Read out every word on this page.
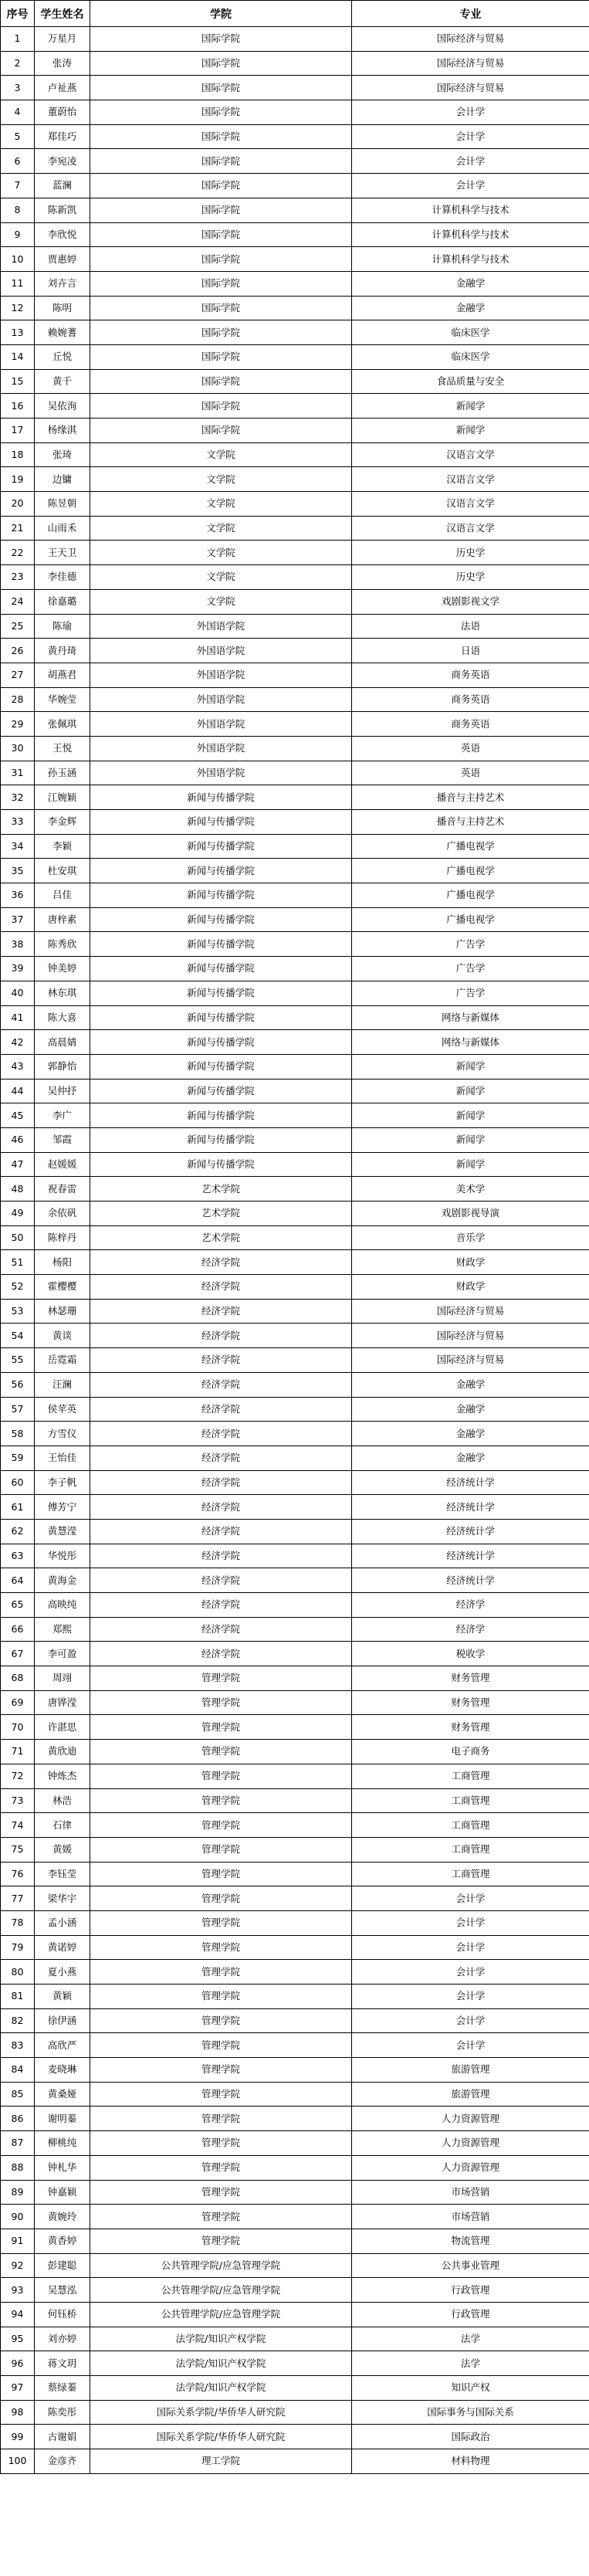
序号	学生姓名	学院	专业
1	万星月	国际学院	国际经济与贸易
2	张涛	国际学院	国际经济与贸易
3	卢祉燕	国际学院	国际经济与贸易
4	董蔚怡	国际学院	会计学
5	郑佳巧	国际学院	会计学
6	李宛凌	国际学院	会计学
7	蓝澜	国际学院	会计学
8	陈新凯	国际学院	计算机科学与技术
9	李欣悦	国际学院	计算机科学与技术
10	贾惠婷	国际学院	计算机科学与技术
11	刘卉言	国际学院	金融学
12	陈明	国际学院	金融学
13	赖婉蓍	国际学院	临床医学
14	丘悦	国际学院	临床医学
15	黄千	国际学院	食品质量与安全
16	吴依洵	国际学院	新闻学
17	杨缘淇	国际学院	新闻学
18	张琦	文学院	汉语言文学
19	边镛	文学院	汉语言文学
20	陈昱朝	文学院	汉语言文学
21	山雨禾	文学院	汉语言文学
22	王天卫	文学院	历史学
23	李佳德	文学院	历史学
24	徐嘉璐	文学院	戏剧影视文学
25	陈瑜	外国语学院	法语
26	黄丹琦	外国语学院	日语
27	胡燕君	外国语学院	商务英语
28	华婉莹	外国语学院	商务英语
29	张佩琪	外国语学院	商务英语
30	王悦	外国语学院	英语
31	孙玉涵	外国语学院	英语
32	江婉颖	新闻与传播学院	播音与主持艺术
33	李金辉	新闻与传播学院	播音与主持艺术
34	李颖	新闻与传播学院	广播电视学
35	杜安琪	新闻与传播学院	广播电视学
36	吕佳	新闻与传播学院	广播电视学
37	唐梓素	新闻与传播学院	广播电视学
38	陈秀欣	新闻与传播学院	广告学
39	钟美婷	新闻与传播学院	广告学
40	林东琪	新闻与传播学院	广告学
41	陈大喜	新闻与传播学院	网络与新媒体
42	高晨婧	新闻与传播学院	网络与新媒体
43	郭静怡	新闻与传播学院	新闻学
44	吴仲抒	新闻与传播学院	新闻学
45	李广	新闻与传播学院	新闻学
46	邹霞	新闻与传播学院	新闻学
47	赵媛媛	新闻与传播学院	新闻学
48	祝春雷	艺术学院	美术学
49	余依矾	艺术学院	戏剧影视导演
50	陈梓丹	艺术学院	音乐学
51	杨阳	经济学院	财政学
52	霍樱樱	经济学院	财政学
53	林瑟珊	经济学院	国际经济与贸易
54	黄谈	经济学院	国际经济与贸易
55	岳霓霜	经济学院	国际经济与贸易
56	汪澜	经济学院	金融学
57	侯苹英	经济学院	金融学
58	方雪仪	经济学院	金融学
59	王怡佳	经济学院	金融学
60	李子帆	经济学院	经济统计学
61	傅芳宁	经济学院	经济统计学
62	黄慧滢	经济学院	经济统计学
63	华悦彤	经济学院	经济统计学
64	黄海金	经济学院	经济统计学
65	高映纯	经济学院	经济学
66	郑熙	经济学院	经济学
67	李可盈	经济学院	税收学
68	周翊	管理学院	财务管理
69	唐铧滢	管理学院	财务管理
70	许湛思	管理学院	财务管理
71	黄欣迪	管理学院	电子商务
72	钟炼杰	管理学院	工商管理
73	林浩	管理学院	工商管理
74	石律	管理学院	工商管理
75	黄媛	管理学院	工商管理
76	李钰莹	管理学院	工商管理
77	梁华宇	管理学院	会计学
78	孟小涵	管理学院	会计学
79	黄诺婷	管理学院	会计学
80	夏小燕	管理学院	会计学
81	黄颖	管理学院	会计学
82	徐伊涵	管理学院	会计学
83	高欣严	管理学院	会计学
84	麦晓琳	管理学院	旅游管理
85	黄桑娅	管理学院	旅游管理
86	谢明蓁	管理学院	人力资源管理
87	柳桃纯	管理学院	人力资源管理
88	钟札华	管理学院	人力资源管理
89	钟嘉颖	管理学院	市场营销
90	黄婉玲	管理学院	市场营销
91	黄香婷	管理学院	物流管理
92	彭建聪	公共管理学院/应急管理学院	公共事业管理
93	吴慧泓	公共管理学院/应急管理学院	行政管理
94	何钰桥	公共管理学院/应急管理学院	行政管理
95	刘亦婷	法学院/知识产权学院	法学
96	蒋文玥	法学院/知识产权学院	法学
97	蔡绿蓁	法学院/知识产权学院	知识产权
98	陈奕彤	国际关系学院/华侨华人研究院	国际事务与国际关系
99	古谢娟	国际关系学院/华侨华人研究院	国际政治
100	金彦齐	理工学院	材料物理
